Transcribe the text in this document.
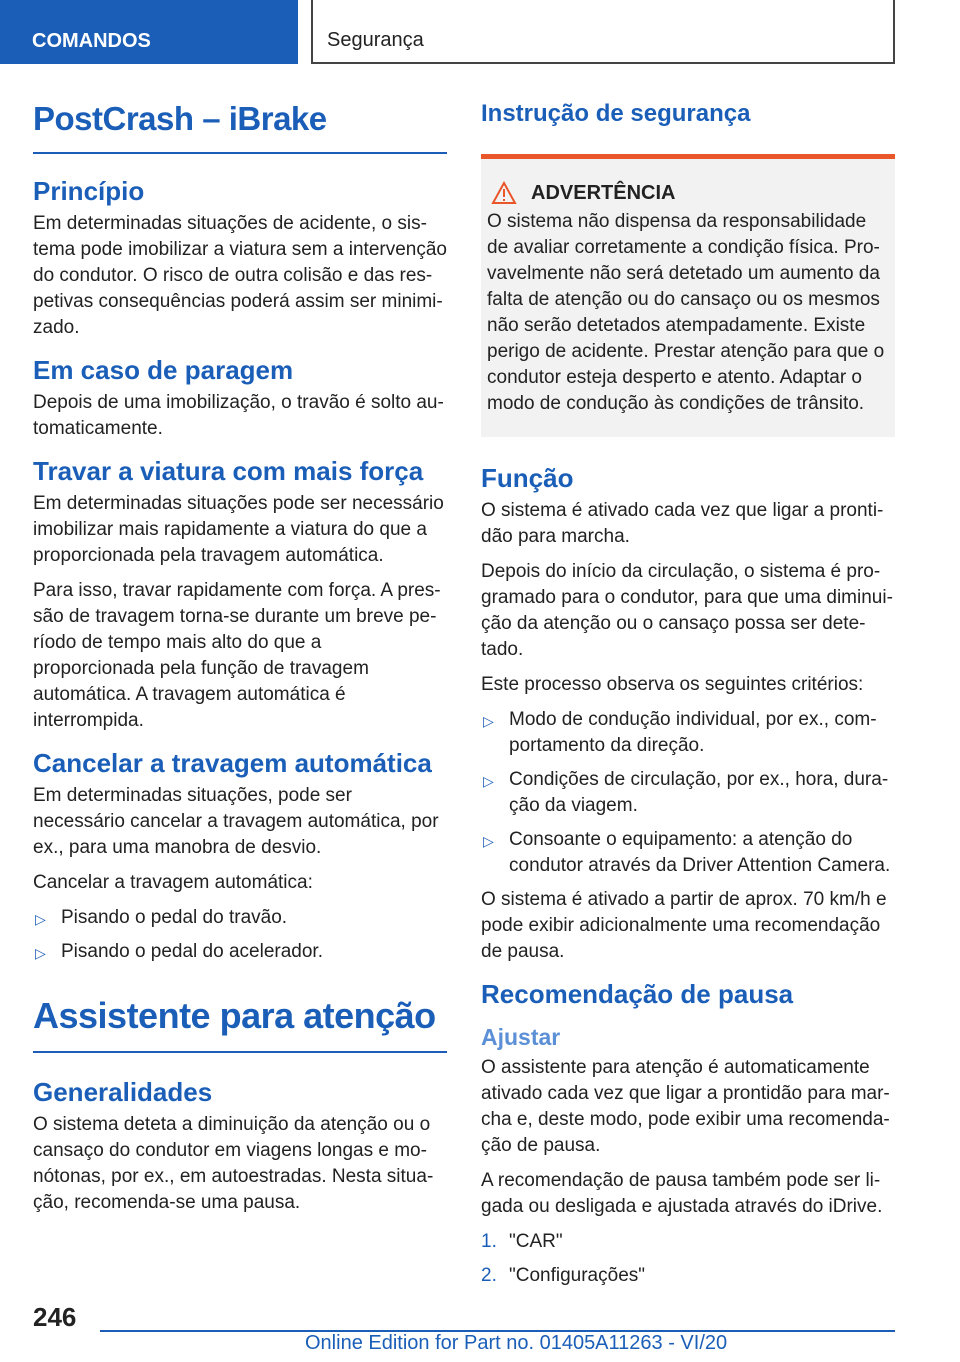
COMANDOS	Segurança
PostCrash – iBrake
Princípio

Em determinadas situações de acidente, o sis-tema pode imobilizar a viatura sem a intervenção do condutor. O risco de outra colisão e das res-petivas consequências poderá assim ser minimi-zado.

Em caso de paragem

Depois de uma imobilização, o travão é solto au-tomaticamente.

Travar a viatura com mais força

Em determinadas situações pode ser necessário imobilizar mais rapidamente a viatura do que a proporcionada pela travagem automática.

Para isso, travar rapidamente com força. A pres-são de travagem torna-se durante um breve pe-ríodo de tempo mais alto do que a proporcionada pela função de travagem automática. A travagem automática é interrompida.

Cancelar a travagem automática

Em determinadas situações, pode ser necessário cancelar a travagem automática, por ex., para uma manobra de desvio.

Cancelar a travagem automática:

▷ Pisando o pedal do travão.
▷ Pisando o pedal do acelerador.
Assistente para atenção
Generalidades

O sistema deteta a diminuição da atenção ou o cansaço do condutor em viagens longas e mo-nótonas, por ex., em autoestradas. Nesta situa-ção, recomenda-se uma pausa.

Instrução de segurança
ADVERTÊNCIA

O sistema não dispensa da responsabilidade de avaliar corretamente a condição física. Pro-vavelmente não será detetado um aumento da falta de atenção ou do cansaço ou os mesmos não serão detetados atempadamente. Existe perigo de acidente. Prestar atenção para que o condutor esteja desperto e atento. Adaptar o modo de condução às condições de trânsito.

Função

O sistema é ativado cada vez que ligar a pronti-dão para marcha.

Depois do início da circulação, o sistema é pro-gramado para o condutor, para que uma diminui-ção da atenção ou o cansaço possa ser dete-tado.

Este processo observa os seguintes critérios:

▷ Modo de condução individual, por ex., com-portamento da direção.
▷ Condições de circulação, por ex., hora, dura-ção da viagem.
▷ Consoante o equipamento: a atenção do condutor através da Driver Attention Camera.

O sistema é ativado a partir de aprox. 70 km/h e pode exibir adicionalmente uma recomendação de pausa.

Recomendação de pausa
Ajustar

O assistente para atenção é automaticamente ativado cada vez que ligar a prontidão para mar-cha e, deste modo, pode exibir uma recomenda-ção de pausa.

A recomendação de pausa também pode ser li-gada ou desligada e ajustada através do iDrive.

1. "CAR"
2. "Configurações"
246
Online Edition for Part no. 01405A11263 - VI/20
